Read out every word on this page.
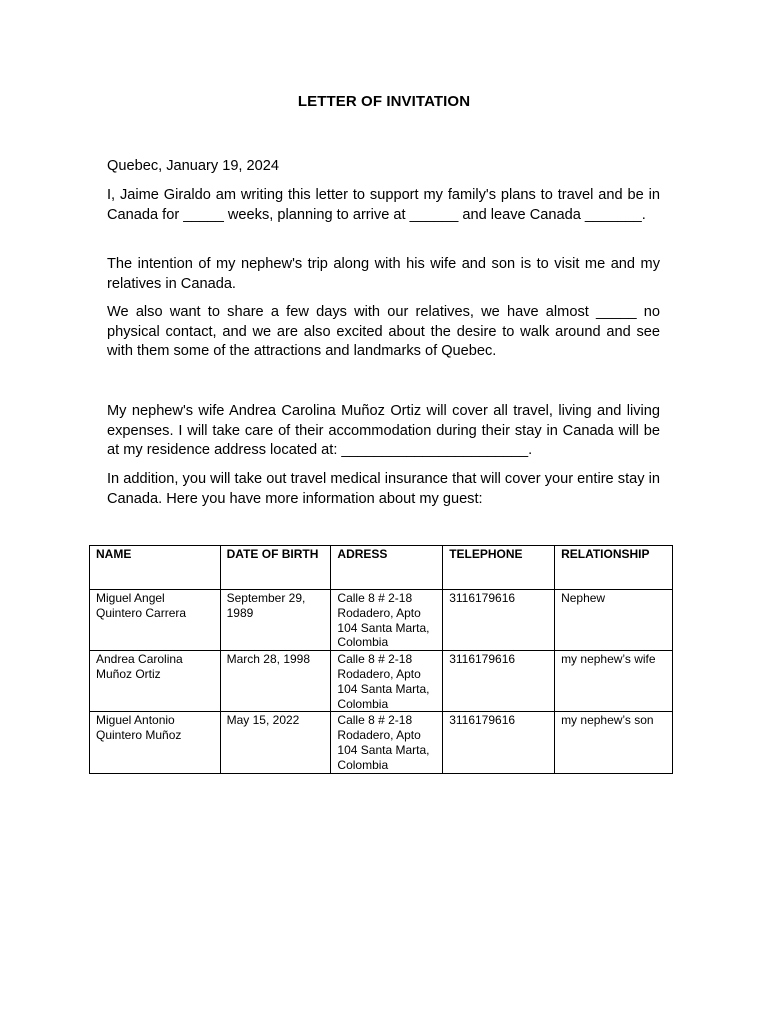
LETTER OF INVITATION

Quebec, January 19, 2024

I, Jaime Giraldo am writing this letter to support my family's plans to travel and be in Canada for _____ weeks, planning to arrive at ______ and leave Canada _______.

The intention of my nephew's trip along with his wife and son is to visit me and my relatives in Canada.

We also want to share a few days with our relatives, we have almost _____ no physical contact, and we are also excited about the desire to walk around and see with them some of the attractions and landmarks of Quebec.

My nephew's wife Andrea Carolina Muñoz Ortiz will cover all travel, living and living expenses. I will take care of their accommodation during their stay in Canada will be at my residence address located at: _______________________.

In addition, you will take out travel medical insurance that will cover your entire stay in Canada. Here you have more information about my guest:

NAME	DATE OF BIRTH	ADRESS	TELEPHONE	RELATIONSHIP
Miguel Angel Quintero Carrera	September 29, 1989	Calle 8 # 2-18 Rodadero, Apto 104 Santa Marta, Colombia	3116179616	Nephew
Andrea Carolina Muñoz Ortiz	March 28, 1998	Calle 8 # 2-18 Rodadero, Apto 104 Santa Marta, Colombia	3116179616	my nephew’s wife
Miguel Antonio Quintero Muñoz	May 15, 2022	Calle 8 # 2-18 Rodadero, Apto 104 Santa Marta, Colombia	3116179616	my nephew’s son
